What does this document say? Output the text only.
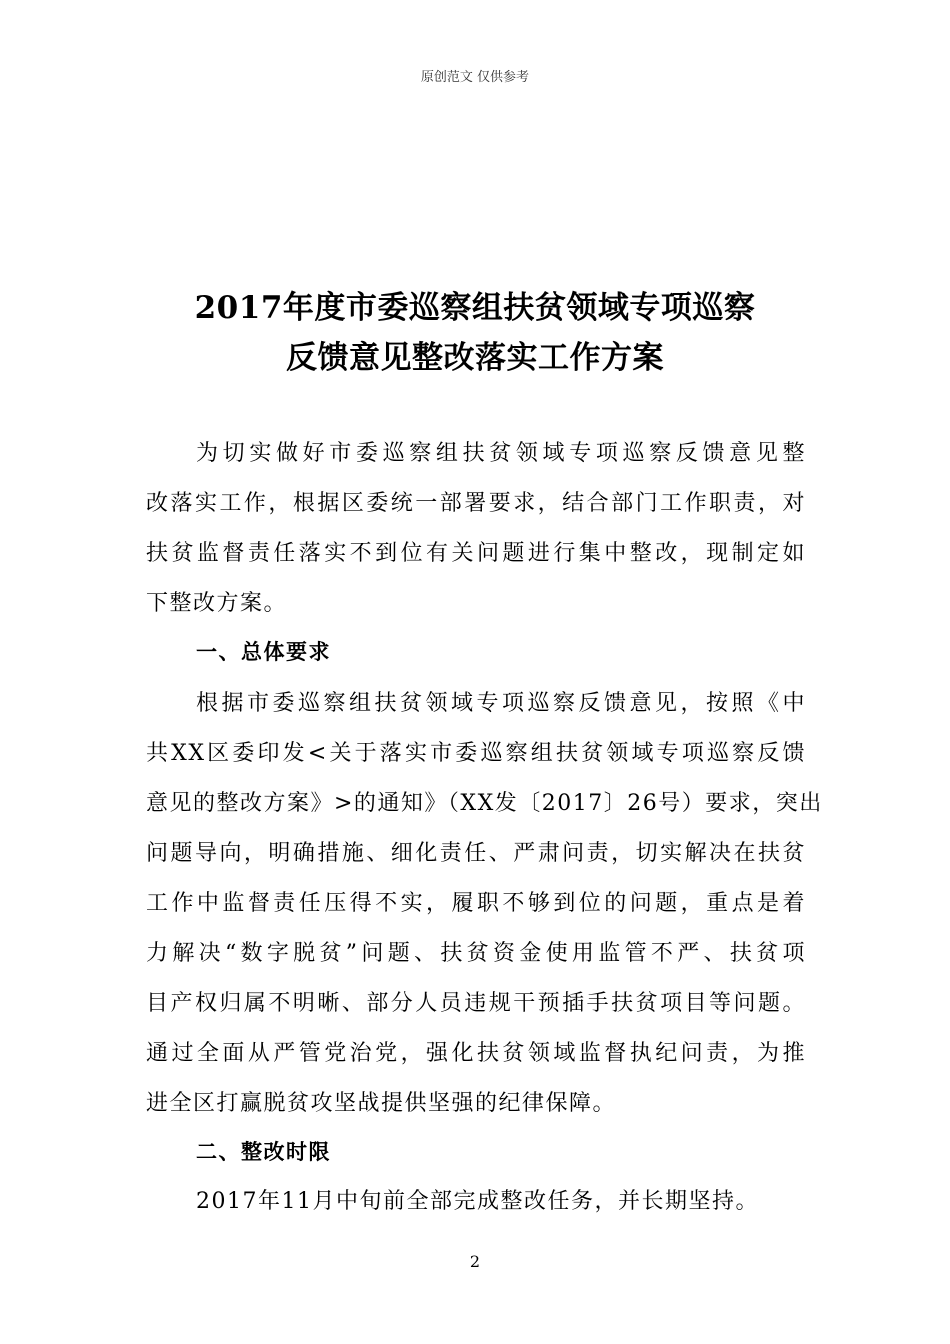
原创范文 仅供参考
2017年度市委巡察组扶贫领域专项巡察
反馈意见整改落实工作方案
为切实做好市委巡察组扶贫领域专项巡察反馈意见整
改落实工作，根据区委统一部署要求，结合部门工作职责，对
扶贫监督责任落实不到位有关问题进行集中整改，现制定如
下整改方案。
一、总体要求
根据市委巡察组扶贫领域专项巡察反馈意见，按照《中
共XX区委印发<关于落实市委巡察组扶贫领域专项巡察反馈
意见的整改方案》>的通知》（XX发〔2017〕26号）要求，突出
问题导向，明确措施、细化责任、严肃问责，切实解决在扶贫
工作中监督责任压得不实，履职不够到位的问题，重点是着
力解决“数字脱贫”问题、扶贫资金使用监管不严、扶贫项
目产权归属不明晰、部分人员违规干预插手扶贫项目等问题。
通过全面从严管党治党，强化扶贫领域监督执纪问责，为推
进全区打赢脱贫攻坚战提供坚强的纪律保障。
二、整改时限
2017年11月中旬前全部完成整改任务，并长期坚持。
2
